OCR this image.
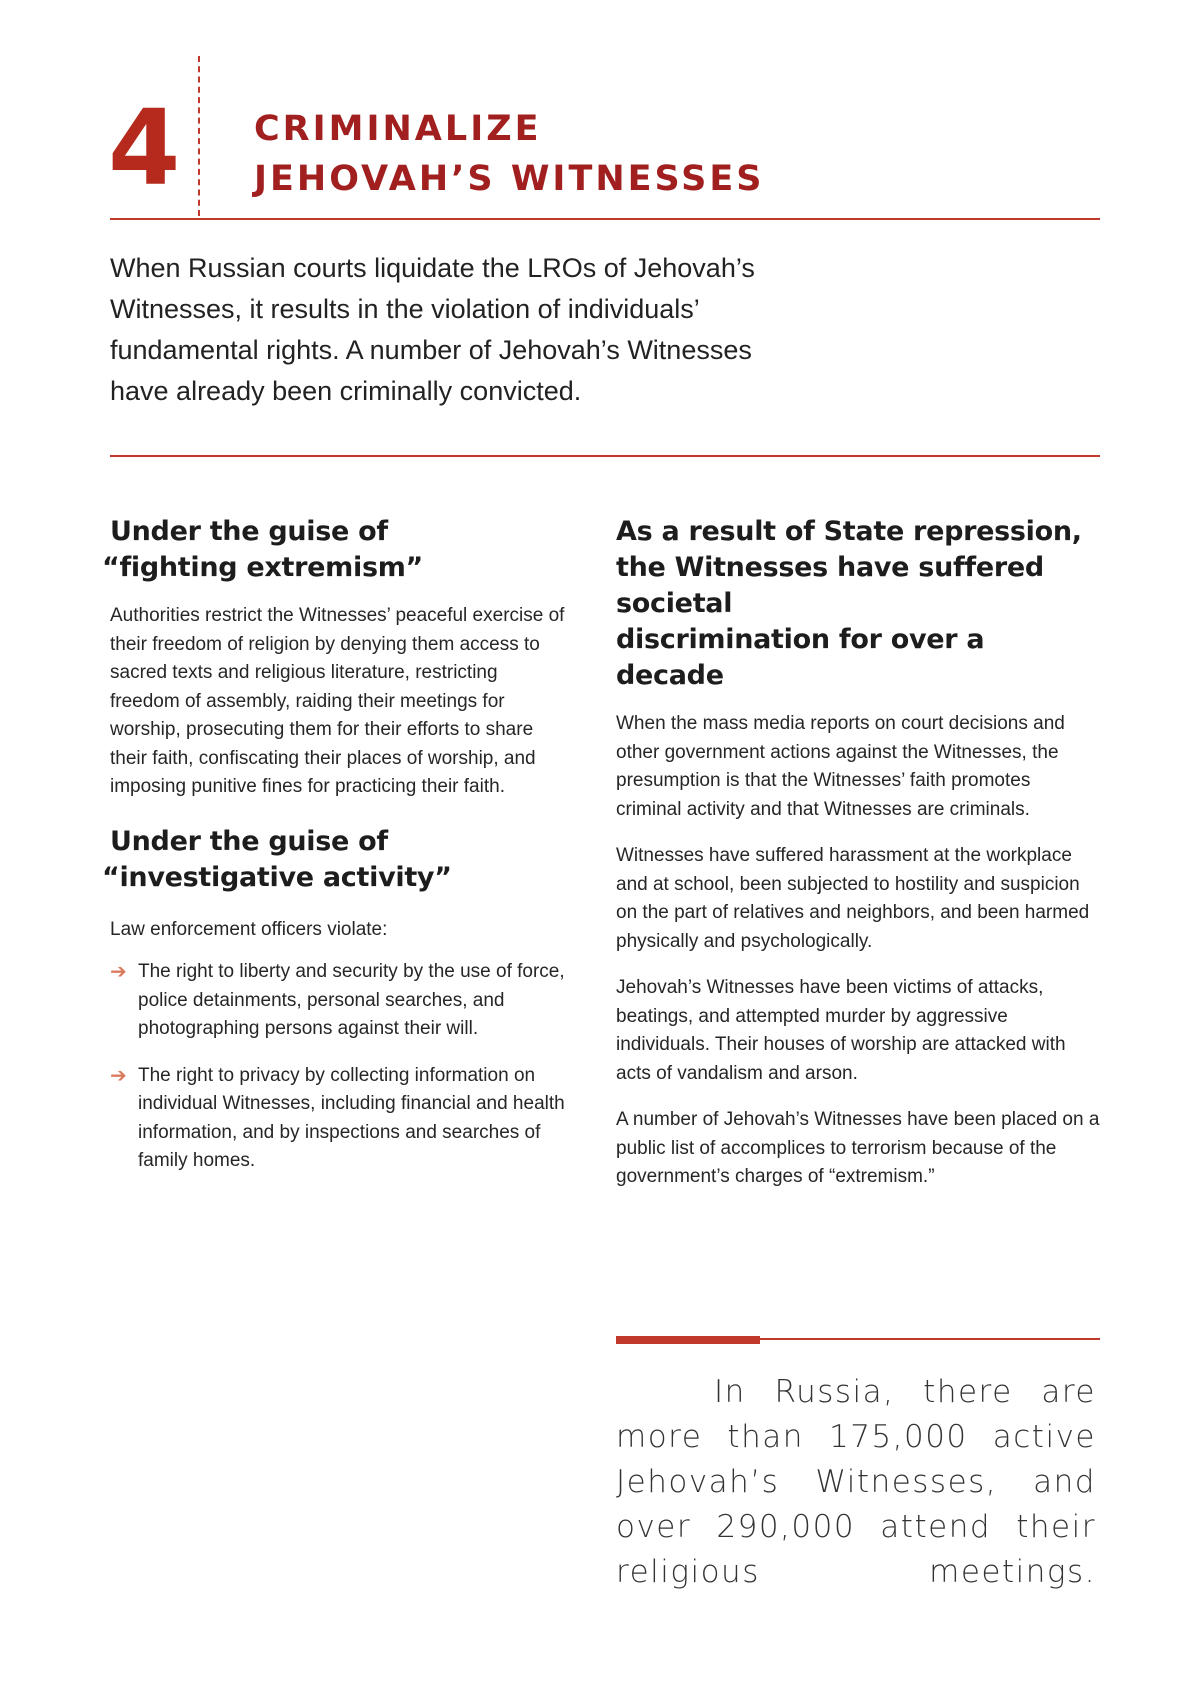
4 CRIMINALIZE
JEHOVAH’S WITNESSES
When Russian courts liquidate the LROs of Jehovah’s Witnesses, it results in the violation of individuals’ fundamental rights. A number of Jehovah’s Witnesses have already been criminally convicted.
Under the guise of
“fighting extremism”
Authorities restrict the Witnesses’ peaceful exercise of their freedom of religion by denying them access to sacred texts and religious literature, restricting freedom of assembly, raiding their meetings for worship, prosecuting them for their efforts to share their faith, confiscating their places of worship, and imposing punitive fines for practicing their faith.
Under the guise of
“investigative activity”
Law enforcement officers violate:
➔ The right to liberty and security by the use of force, police detainments, personal searches, and photographing persons against their will.
➔ The right to privacy by collecting information on individual Witnesses, including financial and health information, and by inspections and searches of family homes.
As a result of State repression,
the Witnesses have suffered societal
discrimination for over a decade
When the mass media reports on court decisions and other government actions against the Witnesses, the presumption is that the Witnesses’ faith promotes criminal activity and that Witnesses are criminals.
Witnesses have suffered harassment at the workplace and at school, been subjected to hostility and suspicion on the part of relatives and neighbors, and been harmed physically and psychologically.
Jehovah’s Witnesses have been victims of attacks, beatings, and attempted murder by aggressive individuals. Their houses of worship are attacked with acts of vandalism and arson.
A number of Jehovah’s Witnesses have been placed on a public list of accomplices to terrorism because of the government’s charges of “extremism.”
In Russia, there are more than 175,000 active Jehovah’s Witnesses, and over 290,000 attend their religious meetings.
